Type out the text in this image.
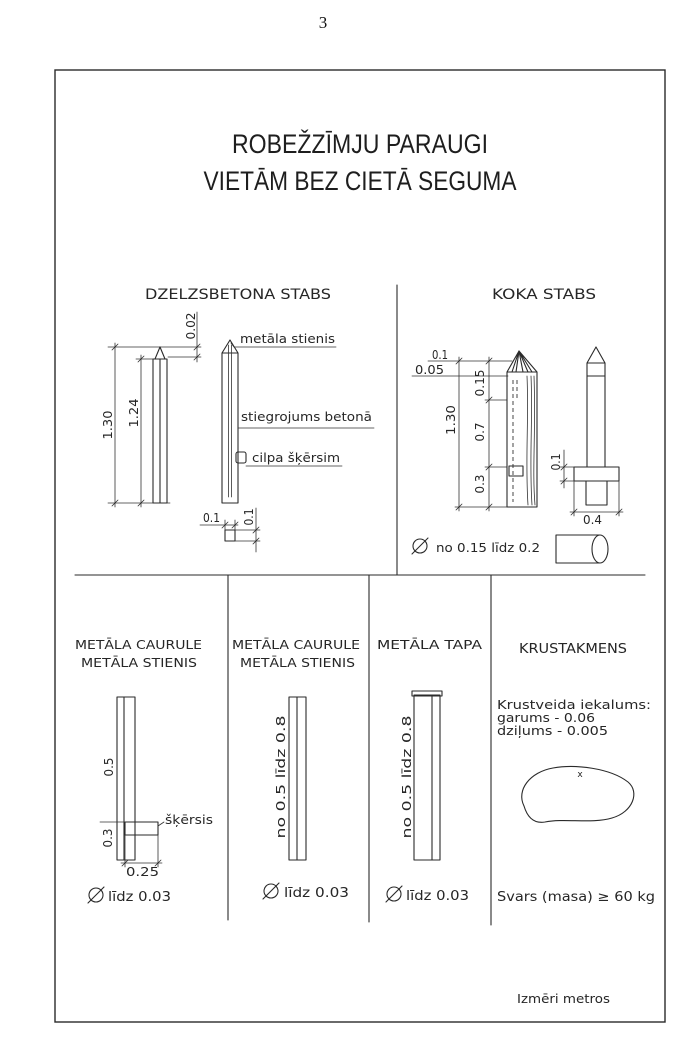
3
ROBEŽZĪMJU PARAUGI
VIETĀM BEZ CIETĀ SEGUMA
DZELZSBETONA STABS
1.30 1.24
0.02	metāla stienis
stiegrojums betonā
cilpa šķērsim
0.1 0.1
KOKA STABS
0.1
0.05
1.30
0.15
0.7
0.3
0.1
0.4
no 0.15 līdz 0.2
METĀLA CAURULE
METĀLA STIENIS
0.5
0.3
šķērsis
0.25
līdz 0.03
METĀLA CAURULE
METĀLA STIENIS
no 0.5 līdz 0.8
līdz 0.03
METĀLA TAPA
no 0.5 līdz 0.8
līdz 0.03
KRUSTAKMENS
Krustveida iekalums:
garums - 0.06
dziļums - 0.005
x
Svars (masa) ≥ 60 kg
Izmēri metros
